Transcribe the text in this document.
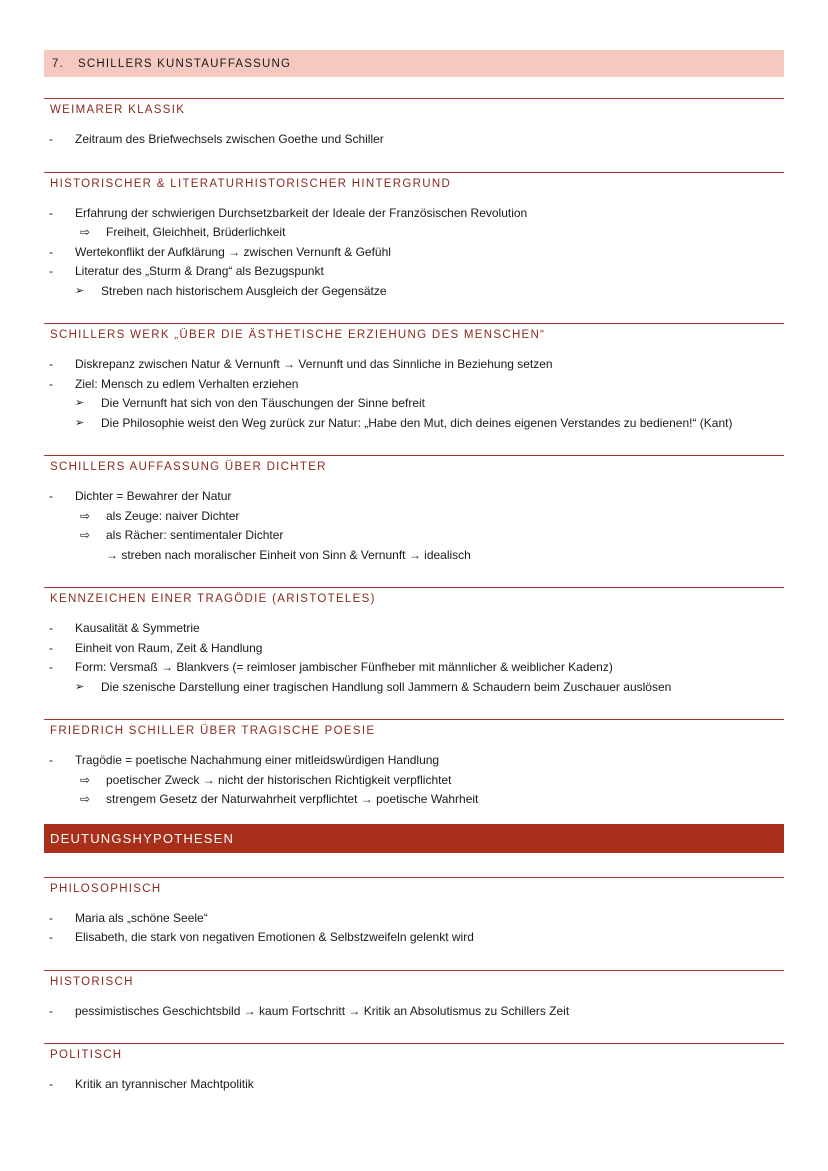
7.	SCHILLERS KUNSTAUFFASSUNG
WEIMARER KLASSIK
- Zeitraum des Briefwechsels zwischen Goethe und Schiller
HISTORISCHER & LITERATURHISTORISCHER HINTERGRUND
- Erfahrung der schwierigen Durchsetzbarkeit der Ideale der Französischen Revolution
⇨ Freiheit, Gleichheit, Brüderlichkeit
- Wertekonflikt der Aufklärung → zwischen Vernunft & Gefühl
- Literatur des „Sturm & Drang“ als Bezugspunkt
➢ Streben nach historischem Ausgleich der Gegensätze
SCHILLERS WERK „ÜBER DIE ÄSTHETISCHE ERZIEHUNG DES MENSCHEN“
- Diskrepanz zwischen Natur & Vernunft → Vernunft und das Sinnliche in Beziehung setzen
- Ziel: Mensch zu edlem Verhalten erziehen
➢ Die Vernunft hat sich von den Täuschungen der Sinne befreit
➢ Die Philosophie weist den Weg zurück zur Natur: „Habe den Mut, dich deines eigenen Verstandes zu bedienen!“ (Kant)
SCHILLERS AUFFASSUNG ÜBER DICHTER
- Dichter = Bewahrer der Natur
⇨ als Zeuge: naiver Dichter
⇨ als Rächer: sentimentaler Dichter
→ streben nach moralischer Einheit von Sinn & Vernunft → idealisch
KENNZEICHEN EINER TRAGÖDIE (ARISTOTELES)
- Kausalität & Symmetrie
- Einheit von Raum, Zeit & Handlung
- Form: Versmaß → Blankvers (= reimloser jambischer Fünfheber mit männlicher & weiblicher Kadenz)
➢ Die szenische Darstellung einer tragischen Handlung soll Jammern & Schaudern beim Zuschauer auslösen
FRIEDRICH SCHILLER ÜBER TRAGISCHE POESIE
- Tragödie = poetische Nachahmung einer mitleidswürdigen Handlung
⇨ poetischer Zweck → nicht der historischen Richtigkeit verpflichtet
⇨ strengem Gesetz der Naturwahrheit verpflichtet → poetische Wahrheit
DEUTUNGSHYPOTHESEN
PHILOSOPHISCH
- Maria als „schöne Seele“
- Elisabeth, die stark von negativen Emotionen & Selbstzweifeln gelenkt wird
HISTORISCH
- pessimistisches Geschichtsbild → kaum Fortschritt → Kritik an Absolutismus zu Schillers Zeit
POLITISCH
- Kritik an tyrannischer Machtpolitik
